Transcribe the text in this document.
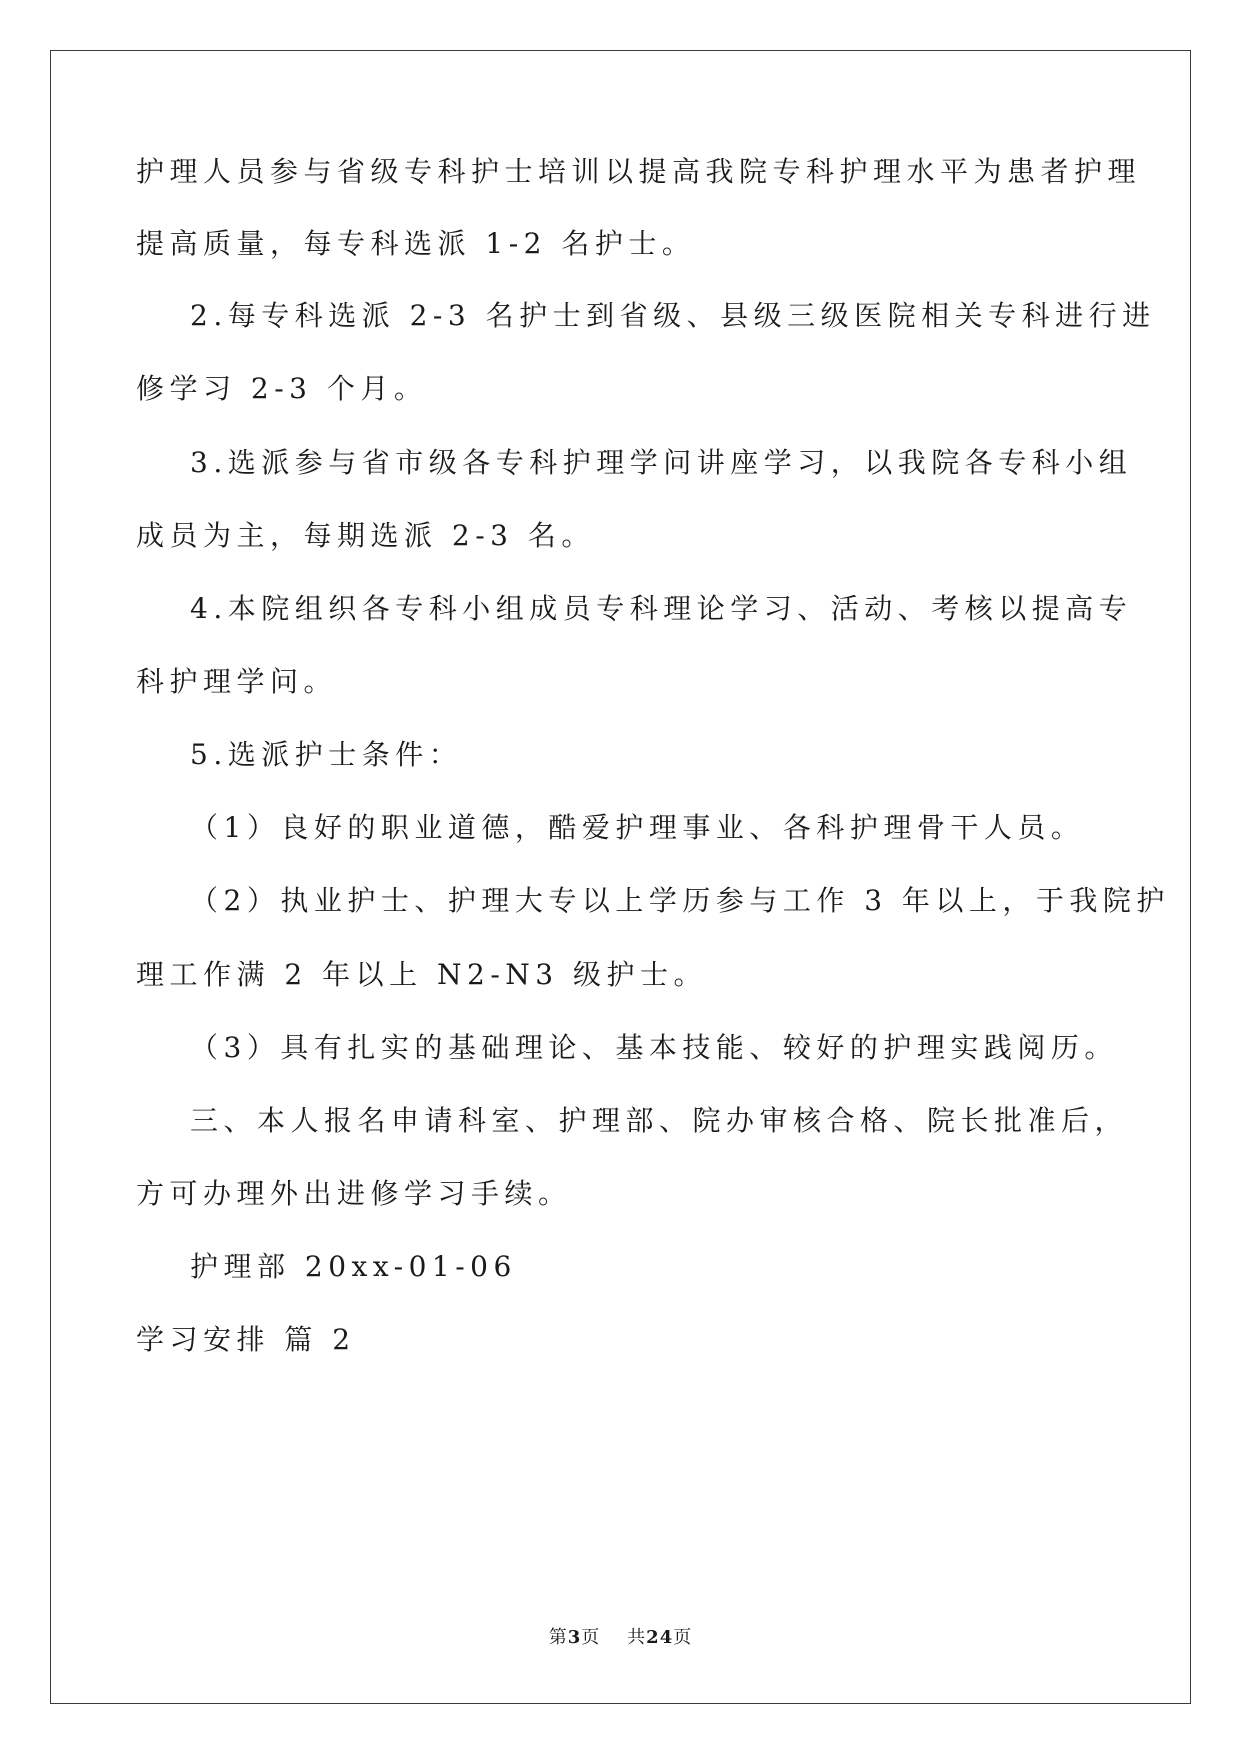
护理人员参与省级专科护士培训以提高我院专科护理水平为患者护理
提高质量，每专科选派 1-2 名护士。
2.每专科选派 2-3 名护士到省级、县级三级医院相关专科进行进
修学习 2-3 个月。
3.选派参与省市级各专科护理学问讲座学习，以我院各专科小组
成员为主，每期选派 2-3 名。
4.本院组织各专科小组成员专科理论学习、活动、考核以提高专
科护理学问。
5.选派护士条件：
（1）良好的职业道德，酷爱护理事业、各科护理骨干人员。
（2）执业护士、护理大专以上学历参与工作 3 年以上，于我院护
理工作满 2 年以上 N2-N3 级护士。
（3）具有扎实的基础理论、基本技能、较好的护理实践阅历。
三、本人报名申请科室、护理部、院办审核合格、院长批准后，
方可办理外出进修学习手续。
护理部 20xx-01-06
学习安排 篇 2
第3页 共24页
